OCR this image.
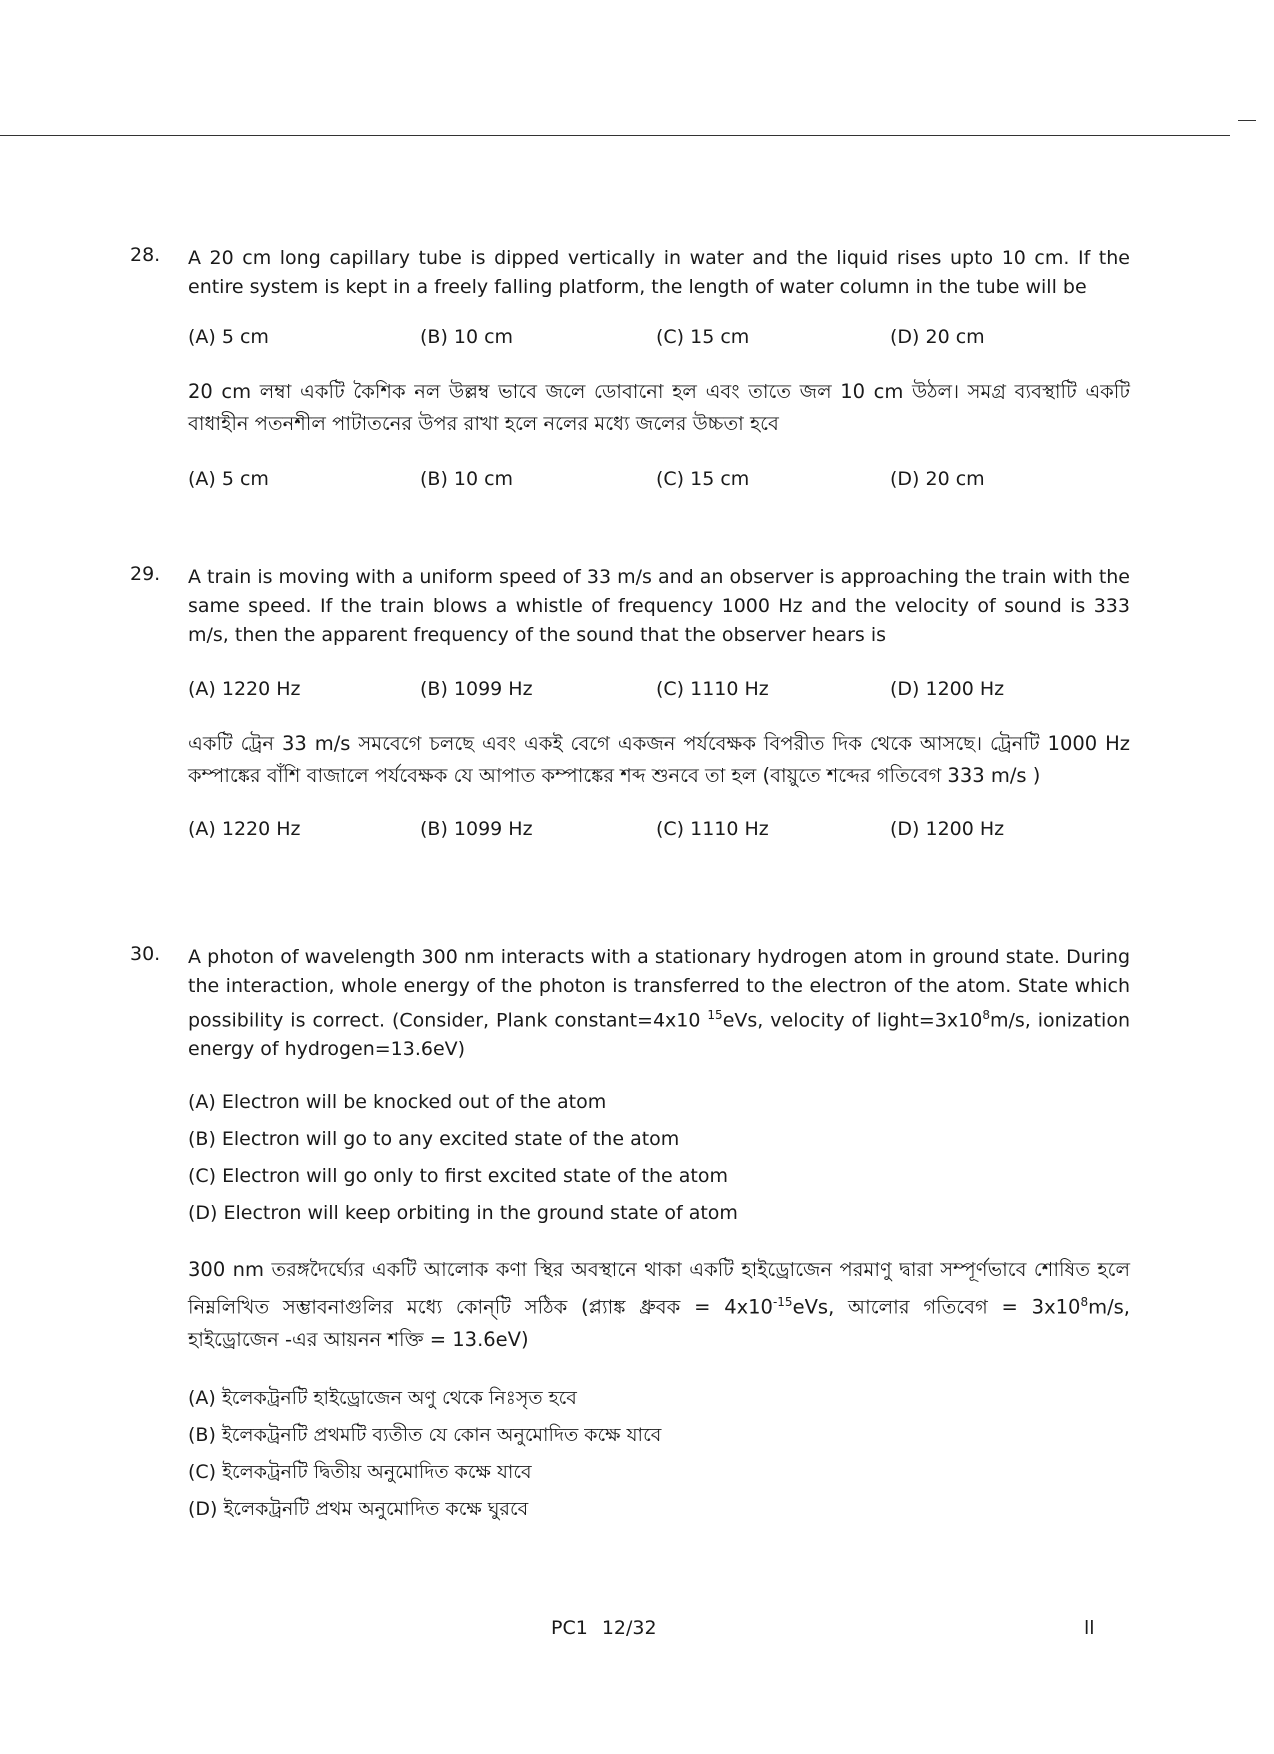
28. A 20 cm long capillary tube is dipped vertically in water and the liquid rises upto 10 cm. If the entire system is kept in a freely falling platform, the length of water column in the tube will be
(A) 5 cm	(B) 10 cm	(C) 15 cm	(D) 20 cm
20 cm লম্বা একটি কৈশিক নল উল্লম্ব ভাবে জলে ডোবানো হল এবং তাতে জল 10 cm উঠল। সমগ্র ব্যবস্থাটি একটি বাধাহীন পতনশীল পাটাতনের উপর রাখা হলে নলের মধ্যে জলের উচ্চতা হবে
(A) 5 cm	(B) 10 cm	(C) 15 cm	(D) 20 cm
29. A train is moving with a uniform speed of 33 m/s and an observer is approaching the train with the same speed. If the train blows a whistle of frequency 1000 Hz and the velocity of sound is 333 m/s, then the apparent frequency of the sound that the observer hears is
(A) 1220 Hz	(B) 1099 Hz	(C) 1110 Hz	(D) 1200 Hz
একটি ট্রেন 33 m/s সমবেগে চলছে এবং একই বেগে একজন পর্যবেক্ষক বিপরীত দিক থেকে আসছে। ট্রেনটি 1000 Hz কম্পাঙ্কের বাঁশি বাজালে পর্যবেক্ষক যে আপাত কম্পাঙ্কের শব্দ শুনবে তা হল (বায়ুতে শব্দের গতিবেগ 333 m/s )
(A) 1220 Hz	(B) 1099 Hz	(C) 1110 Hz	(D) 1200 Hz
30. A photon of wavelength 300 nm interacts with a stationary hydrogen atom in ground state. During the interaction, whole energy of the photon is transferred to the electron of the atom. State which possibility is correct. (Consider, Plank constant=4x10 $^{15}$eVs, velocity of $light=3x10^8m/s$, ionization energy of hydrogen=13.6eV)
(A) Electron will be knocked out of the atom
(B) Electron will go to any excited state of the atom
(C) Electron will go only to first excited state of the atom
(D) Electron will keep orbiting in the ground state of atom
300 nm তরঙ্গদৈর্ঘ্যের একটি আলোক কণা স্থির অবস্থানে থাকা একটি হাইড্রোজেন পরমাণু দ্বারা সম্পূর্ণভাবে শোষিত হলে নিম্নলিখিত সম্ভাবনাগুলির মধ্যে কোন্‌টি সঠিক (প্ল্যাঙ্ক ধ্রুবক = $4x10^{-15}eVs$, আলোর গতিবেগ = $3x10^8m/s$, হাইড্রোজেন -এর আয়নন শক্তি = 13.6eV)
(A) ইলেকট্রনটি হাইড্রোজেন অণু থেকে নিঃসৃত হবে
(B) ইলেকট্রনটি প্রথমটি ব্যতীত যে কোন অনুমোদিত কক্ষে যাবে
(C) ইলেকট্রনটি দ্বিতীয় অনুমোদিত কক্ষে যাবে
(D) ইলেকট্রনটি প্রথম অনুমোদিত কক্ষে ঘুরবে
PC1 12/32	ll
